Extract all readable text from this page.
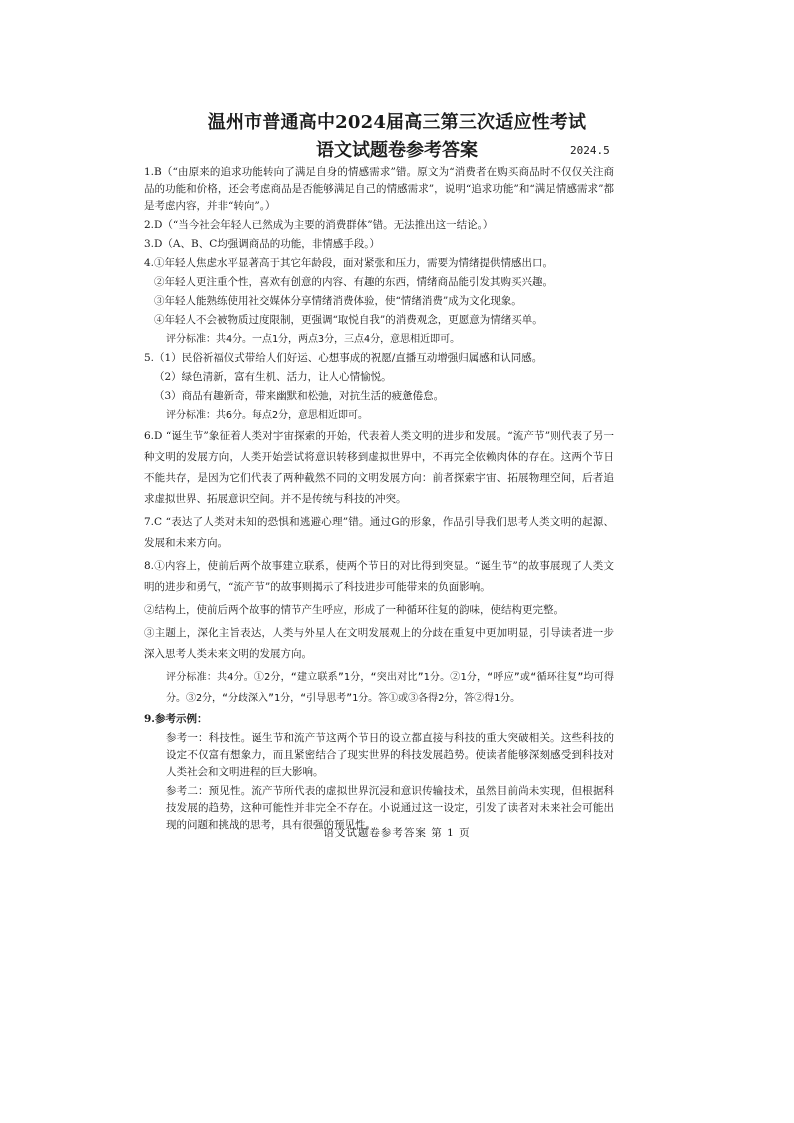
温州市普通高中2024届高三第三次适应性考试
语文试题卷参考答案	2024.5

1.B（“由原来的追求功能转向了满足自身的情感需求”错。原文为“消费者在购买商品时不仅仅关注商品的功能和价格，还会考虑商品是否能够满足自己的情感需求”，说明“追求功能”和“满足情感需求”都是考虑内容，并非“转向”。）

2.D（“当今社会年轻人已然成为主要的消费群体”错。无法推出这一结论。）

3.D（A、B、C均强调商品的功能，非情感手段。）

4.①年轻人焦虑水平显著高于其它年龄段，面对紧张和压力，需要为情绪提供情感出口。

②年轻人更注重个性，喜欢有创意的内容、有趣的东西，情绪商品能引发其购买兴趣。

③年轻人能熟练使用社交媒体分享情绪消费体验，使“情绪消费”成为文化现象。

④年轻人不会被物质过度限制，更强调“取悦自我”的消费观念，更愿意为情绪买单。

评分标准：共4分。一点1分，两点3分，三点4分，意思相近即可。

5.（1）民俗祈福仪式带给人们好运、心想事成的祝愿/直播互动增强归属感和认同感。

（2）绿色清新，富有生机、活力，让人心情愉悦。

（3）商品有趣新奇，带来幽默和松弛，对抗生活的疲惫倦怠。

评分标准：共6分。每点2分，意思相近即可。

6.D “诞生节”象征着人类对宇宙探索的开始，代表着人类文明的进步和发展。“流产节”则代表了另一种文明的发展方向，人类开始尝试将意识转移到虚拟世界中，不再完全依赖肉体的存在。这两个节日不能共存，是因为它们代表了两种截然不同的文明发展方向：前者探索宇宙、拓展物理空间，后者追求虚拟世界、拓展意识空间。并不是传统与科技的冲突。

7.C “表达了人类对未知的恐惧和逃避心理”错。通过G的形象，作品引导我们思考人类文明的起源、发展和未来方向。

8.①内容上，使前后两个故事建立联系，使两个节日的对比得到突显。“诞生节”的故事展现了人类文明的进步和勇气，“流产节”的故事则揭示了科技进步可能带来的负面影响。

②结构上，使前后两个故事的情节产生呼应，形成了一种循环往复的韵味，使结构更完整。

③主题上，深化主旨表达，人类与外星人在文明发展观上的分歧在重复中更加明显，引导读者进一步深入思考人类未来文明的发展方向。

评分标准：共4分。①2分，“建立联系”1分，“突出对比”1分。②1分，“呼应”或“循环往复”均可得分。③2分，“分歧深入”1分，“引导思考”1分。答①或③各得2分，答②得1分。

9.参考示例：

参考一：科技性。诞生节和流产节这两个节日的设立都直接与科技的重大突破相关。这些科技的设定不仅富有想象力，而且紧密结合了现实世界的科技发展趋势。使读者能够深刻感受到科技对人类社会和文明进程的巨大影响。

参考二：预见性。流产节所代表的虚拟世界沉浸和意识传输技术，虽然目前尚未实现，但根据科技发展的趋势，这种可能性并非完全不存在。小说通过这一设定，引发了读者对未来社会可能出现的问题和挑战的思考，具有很强的预见性。

语文试题卷参考答案 第 1 页
